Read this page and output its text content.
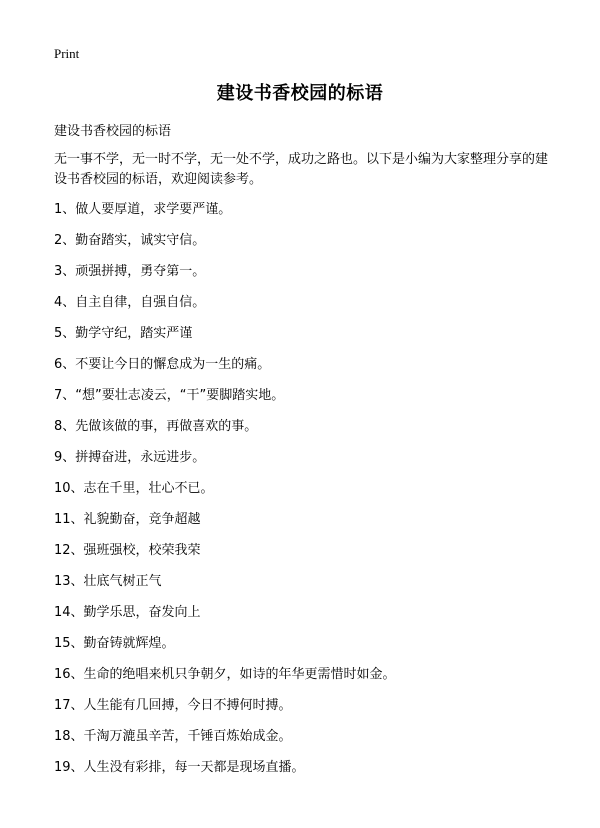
Print
建设书香校园的标语
建设书香校园的标语

无一事不学，无一时不学，无一处不学，成功之路也。以下是小编为大家整理分享的建设书香校园的标语，欢迎阅读参考。

1、做人要厚道，求学要严谨。
2、勤奋踏实，诚实守信。
3、顽强拼搏，勇夺第一。
4、自主自律，自强自信。
5、勤学守纪，踏实严谨
6、不要让今日的懈怠成为一生的痛。
7、“想”要壮志凌云，“干”要脚踏实地。
8、先做该做的事，再做喜欢的事。
9、拼搏奋进，永远进步。
10、志在千里，壮心不已。
11、礼貌勤奋，竞争超越
12、强班强校，校荣我荣
13、壮底气树正气
14、勤学乐思，奋发向上
15、勤奋铸就辉煌。
16、生命的绝唱来机只争朝夕，如诗的年华更需惜时如金。
17、人生能有几回搏，今日不搏何时搏。
18、千淘万漉虽辛苦，千锤百炼始成金。
19、人生没有彩排，每一天都是现场直播。
